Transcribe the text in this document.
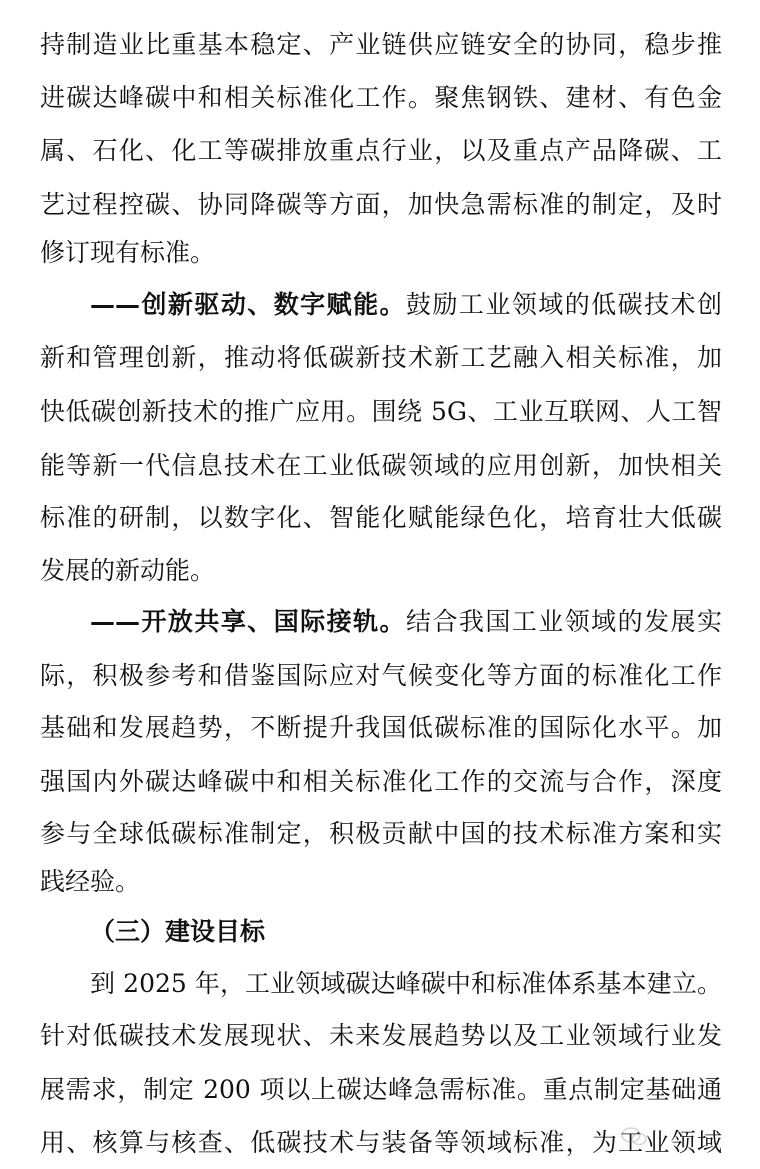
持制造业比重基本稳定、产业链供应链安全的协同，稳步推
进碳达峰碳中和相关标准化工作。聚焦钢铁、建材、有色金
属、石化、化工等碳排放重点行业，以及重点产品降碳、工
艺过程控碳、协同降碳等方面，加快急需标准的制定，及时
修订现有标准。
——创新驱动、数字赋能。鼓励工业领域的低碳技术创
新和管理创新，推动将低碳新技术新工艺融入相关标准，加
快低碳创新技术的推广应用。围绕 5G、工业互联网、人工智
能等新一代信息技术在工业低碳领域的应用创新，加快相关
标准的研制，以数字化、智能化赋能绿色化，培育壮大低碳
发展的新动能。
——开放共享、国际接轨。结合我国工业领域的发展实
际，积极参考和借鉴国际应对气候变化等方面的标准化工作
基础和发展趋势，不断提升我国低碳标准的国际化水平。加
强国内外碳达峰碳中和相关标准化工作的交流与合作，深度
参与全球低碳标准制定，积极贡献中国的技术标准方案和实
践经验。
（三）建设目标
到 2025 年，工业领域碳达峰碳中和标准体系基本建立。
针对低碳技术发展现状、未来发展趋势以及工业领域行业发
展需求，制定 200 项以上碳达峰急需标准。重点制定基础通
用、核算与核查、低碳技术与装备等领域标准，为工业领域
